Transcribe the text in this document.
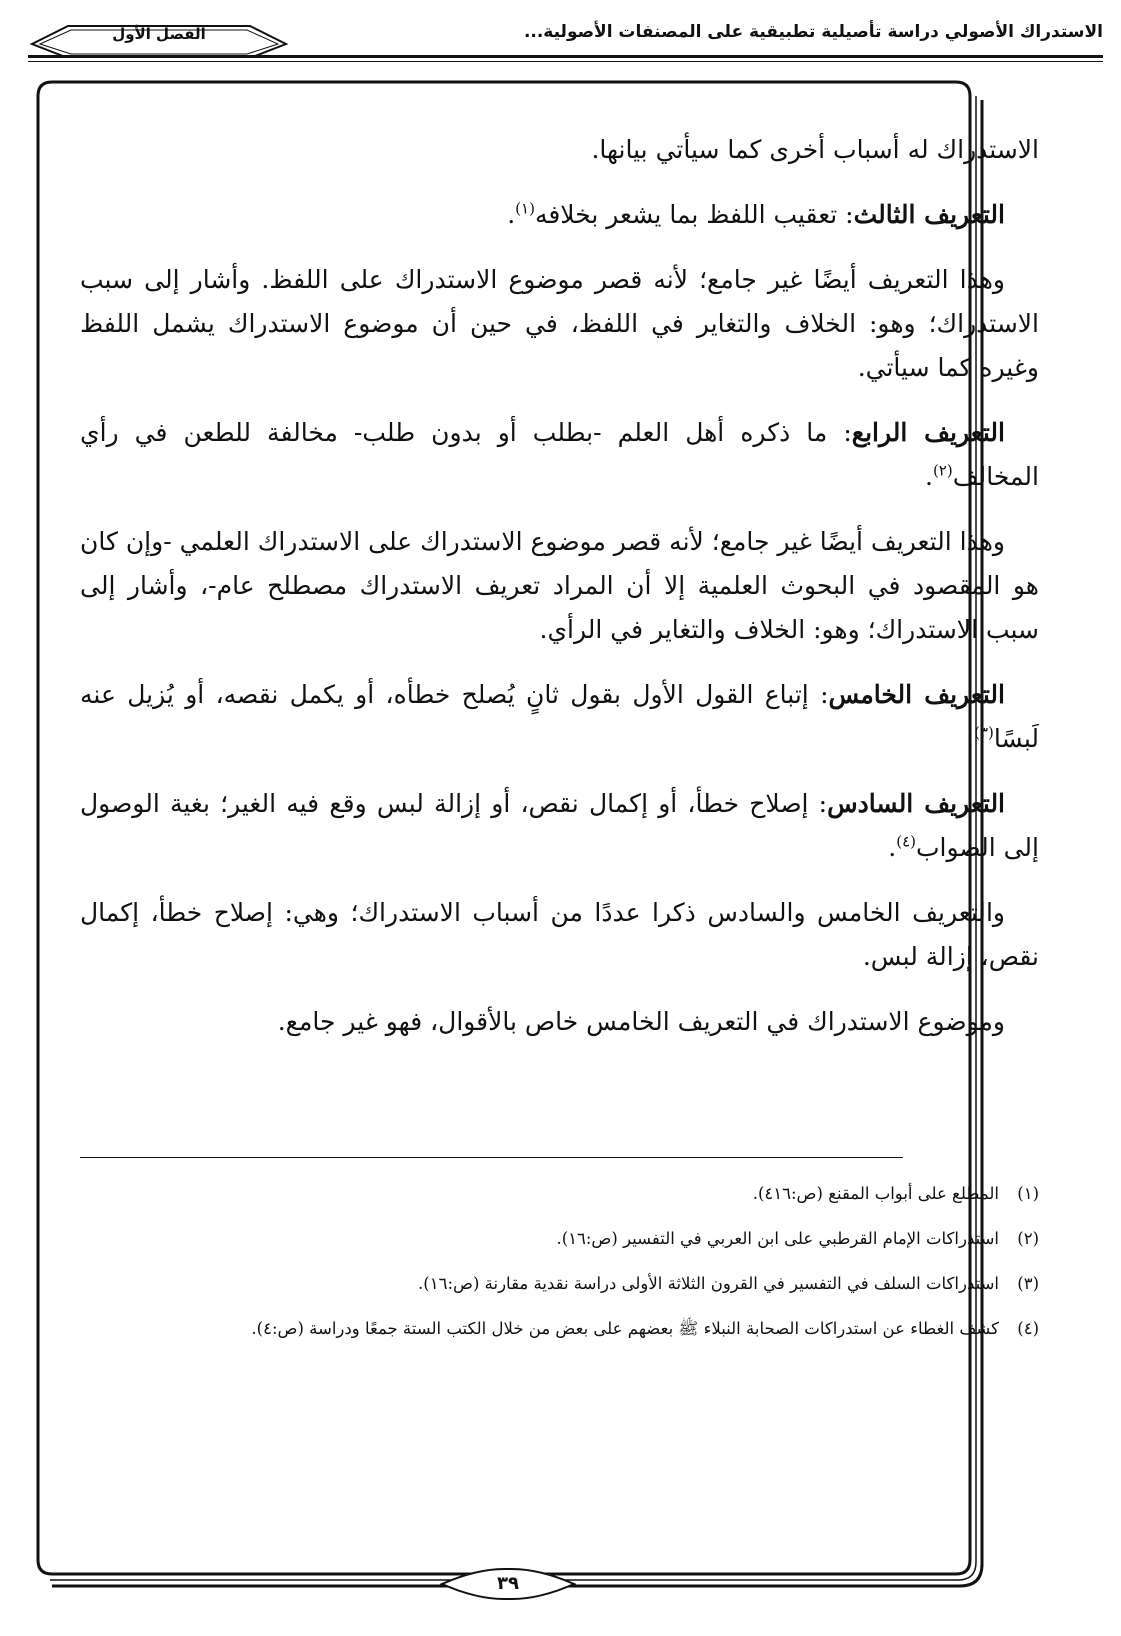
الاستدراك الأصولي دراسة تأصيلية تطبيقية على المصنفات الأصولية...
الفصل الأول

الاستدراك له أسباب أخرى كما سيأتي بيانها.

التعريف الثالث: تعقيب اللفظ بما يشعر بخلافه$^{(١)}$.

وهذا التعريف أيضًا غير جامع؛ لأنه قصر موضوع الاستدراك على اللفظ. وأشار إلى سبب الاستدراك؛ وهو: الخلاف والتغاير في اللفظ، في حين أن موضوع الاستدراك يشمل اللفظ وغيره كما سيأتي.

التعريف الرابع: ما ذكره أهل العلم -بطلب أو بدون طلب- مخالفة للطعن في رأي المخالف$^{(٢)}$.

وهذا التعريف أيضًا غير جامع؛ لأنه قصر موضوع الاستدراك على الاستدراك العلمي -وإن كان هو المقصود في البحوث العلمية إلا أن المراد تعريف الاستدراك مصطلح عام-، وأشار إلى سبب الاستدراك؛ وهو: الخلاف والتغاير في الرأي.

التعريف الخامس: إتباع القول الأول بقول ثانٍ يُصلح خطأه، أو يكمل نقصه، أو يُزيل عنه لَبسًا$^{(٣)}$.

التعريف السادس: إصلاح خطأ، أو إكمال نقص، أو إزالة لبس وقع فيه الغير؛ بغية الوصول إلى الصواب$^{(٤)}$.

والتعريف الخامس والسادس ذكرا عددًا من أسباب الاستدراك؛ وهي: إصلاح خطأ، إكمال نقص، إزالة لبس.

وموضوع الاستدراك في التعريف الخامس خاص بالأقوال، فهو غير جامع.

(١)
المطلع على أبواب المقنع (ص:٤١٦).
(٢)
استدراكات الإمام القرطبي على ابن العربي في التفسير (ص:١٦).
(٣)
استدراكات السلف في التفسير في القرون الثلاثة الأولى دراسة نقدية مقارنة (ص:١٦).
(٤)
كشف الغطاء عن استدراكات الصحابة النبلاء ﷺ بعضهم على بعض من خلال الكتب الستة جمعًا ودراسة (ص:٤).
٣٩
